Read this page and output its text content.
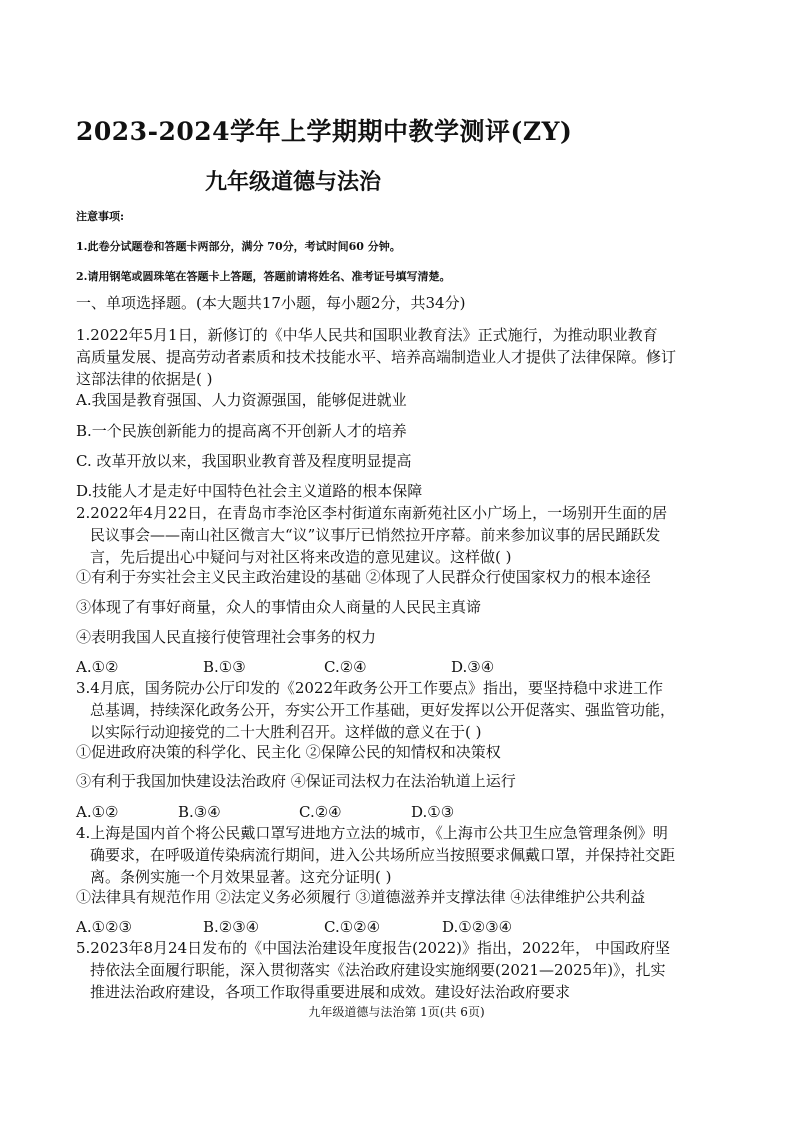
2023-2024学年上学期期中教学测评(ZY)
九年级道德与法治
注意事项:
1.此卷分试题卷和答题卡两部分，满分 70分，考试时间60 分钟。
2.请用钢笔或圆珠笔在答题卡上答题，答题前请将姓名、准考证号填写清楚。
一、单项选择题。(本大题共17小题，每小题2分，共34分)
1.2022年5月1日，新修订的《中华人民共和国职业教育法》正式施行，为推动职业教育
高质量发展、提高劳动者素质和技术技能水平、培养高端制造业人才提供了法律保障。修订
这部法律的依据是( )
A.我国是教育强国、人力资源强国，能够促进就业
B.一个民族创新能力的提高离不开创新人才的培养
C. 改革开放以来，我国职业教育普及程度明显提高
D.技能人才是走好中国特色社会主义道路的根本保障
2.2022年4月22日，在青岛市李沧区李村街道东南新苑社区小广场上，一场别开生面的居
民议事会——南山社区微言大“议”议事厅已悄然拉开序幕。前来参加议事的居民踊跃发
言，先后提出心中疑问与对社区将来改造的意见建议。这样做( )
①有利于夯实社会主义民主政治建设的基础 ②体现了人民群众行使国家权力的根本途径
③体现了有事好商量，众人的事情由众人商量的人民民主真谛
④表明我国人民直接行使管理社会事务的权力
A.①②	B.①③	C.②④	D.③④
3.4月底，国务院办公厅印发的《2022年政务公开工作要点》指出，要坚持稳中求进工作
总基调，持续深化政务公开，夯实公开工作基础，更好发挥以公开促落实、强监管功能，
以实际行动迎接党的二十大胜利召开。这样做的意义在于( )
①促进政府决策的科学化、民主化 ②保障公民的知情权和决策权
③有利于我国加快建设法治政府 ④保证司法权力在法治轨道上运行
A.①②	B.③④	C.②④	D.①③
4.上海是国内首个将公民戴口罩写进地方立法的城市，《上海市公共卫生应急管理条例》明
确要求，在呼吸道传染病流行期间，进入公共场所应当按照要求佩戴口罩，并保持社交距
离。条例实施一个月效果显著。这充分证明( )
①法律具有规范作用 ②法定义务必须履行 ③道德滋养并支撑法律 ④法律维护公共利益
A.①②③	B.②③④	C.①②④	D.①②③④
5.2023年8月24日发布的《中国法治建设年度报告(2022)》指出，2022年， 中国政府坚
持依法全面履行职能，深入贯彻落实《法治政府建设实施纲要(2021—2025年)》，扎实
推进法治政府建设，各项工作取得重要进展和成效。建设好法治政府要求
九年级道德与法治第 1页(共 6页)
